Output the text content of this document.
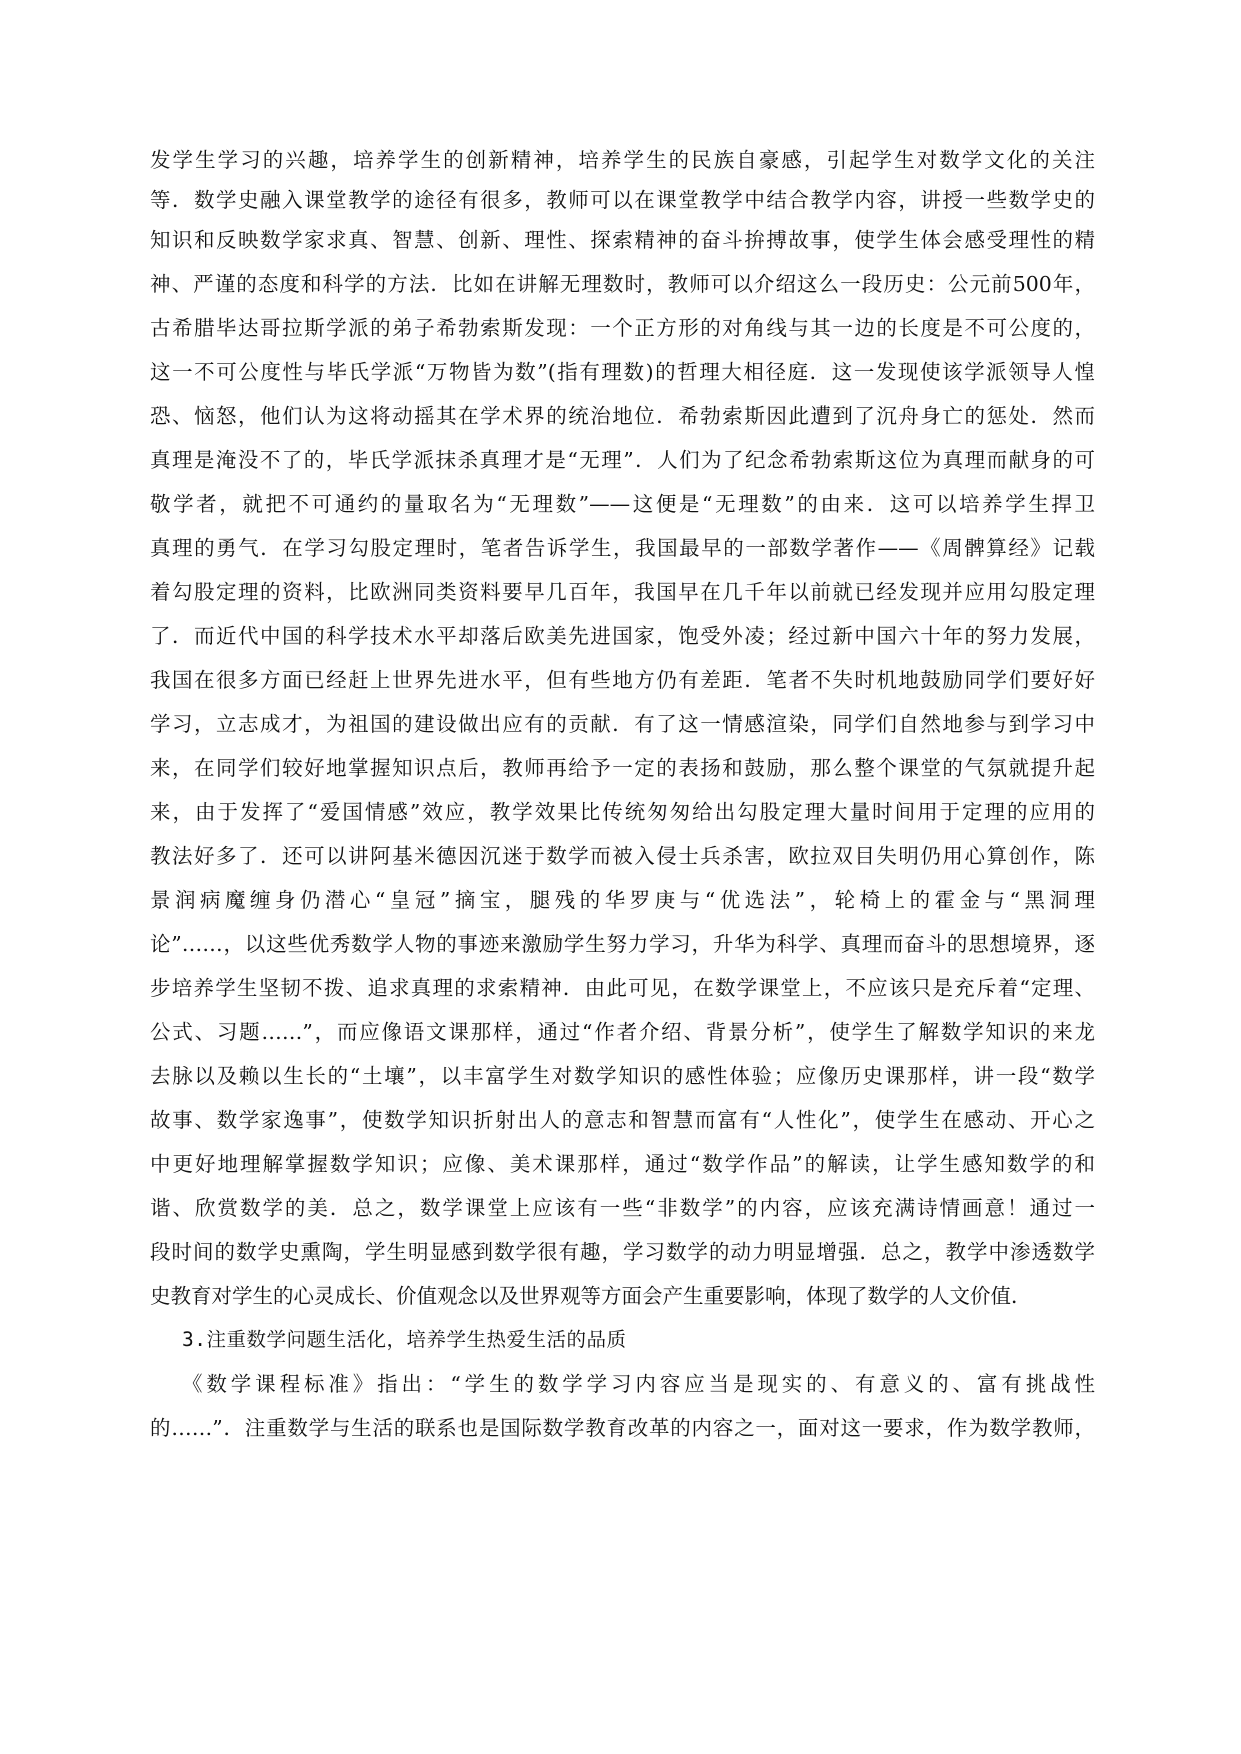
发学生学习的兴趣，培养学生的创新精神，培养学生的民族自豪感，引起学生对数学文化的关注
等．数学史融入课堂教学的途径有很多，教师可以在课堂教学中结合教学内容，讲授一些数学史的
知识和反映数学家求真、智慧、创新、理性、探索精神的奋斗拚搏故事，使学生体会感受理性的精
神、严谨的态度和科学的方法．比如在讲解无理数时，教师可以介绍这么一段历史：公元前500年，
古希腊毕达哥拉斯学派的弟子希勃索斯发现：一个正方形的对角线与其一边的长度是不可公度的，
这一不可公度性与毕氏学派“万物皆为数”(指有理数)的哲理大相径庭．这一发现使该学派领导人惶
恐、恼怒，他们认为这将动摇其在学术界的统治地位．希勃索斯因此遭到了沉舟身亡的惩处．然而
真理是淹没不了的，毕氏学派抹杀真理才是“无理”．人们为了纪念希勃索斯这位为真理而献身的可
敬学者，就把不可通约的量取名为“无理数”——这便是“无理数”的由来．这可以培养学生捍卫
真理的勇气．在学习勾股定理时，笔者告诉学生，我国最早的一部数学著作——《周髀算经》记载
着勾股定理的资料，比欧洲同类资料要早几百年，我国早在几千年以前就已经发现并应用勾股定理
了．而近代中国的科学技术水平却落后欧美先进国家，饱受外凌；经过新中国六十年的努力发展，
我国在很多方面已经赶上世界先进水平，但有些地方仍有差距．笔者不失时机地鼓励同学们要好好
学习，立志成才，为祖国的建设做出应有的贡献．有了这一情感渲染，同学们自然地参与到学习中
来，在同学们较好地掌握知识点后，教师再给予一定的表扬和鼓励，那么整个课堂的气氛就提升起
来，由于发挥了“爱国情感”效应，教学效果比传统匆匆给出勾股定理大量时间用于定理的应用的
教法好多了．还可以讲阿基米德因沉迷于数学而被入侵士兵杀害，欧拉双目失明仍用心算创作，陈
景润病魔缠身仍潜心“皇冠”摘宝，腿残的华罗庚与“优选法”，轮椅上的霍金与“黑洞理
论”……，以这些优秀数学人物的事迹来激励学生努力学习，升华为科学、真理而奋斗的思想境界，逐
步培养学生坚韧不拨、追求真理的求索精神．由此可见，在数学课堂上，不应该只是充斥着“定理、
公式、习题……”，而应像语文课那样，通过“作者介绍、背景分析”，使学生了解数学知识的来龙
去脉以及赖以生长的“土壤”，以丰富学生对数学知识的感性体验；应像历史课那样，讲一段“数学
故事、数学家逸事”，使数学知识折射出人的意志和智慧而富有“人性化”，使学生在感动、开心之
中更好地理解掌握数学知识；应像、美术课那样，通过“数学作品”的解读，让学生感知数学的和
谐、欣赏数学的美．总之，数学课堂上应该有一些“非数学”的内容，应该充满诗情画意！通过一
段时间的数学史熏陶，学生明显感到数学很有趣，学习数学的动力明显增强．总之，教学中渗透数学
史教育对学生的心灵成长、价值观念以及世界观等方面会产生重要影响，体现了数学的人文价值．
3.注重数学问题生活化，培养学生热爱生活的品质
《数学课程标准》指出：“学生的数学学习内容应当是现实的、有意义的、富有挑战性
的……”．注重数学与生活的联系也是国际数学教育改革的内容之一，面对这一要求，作为数学教师，
